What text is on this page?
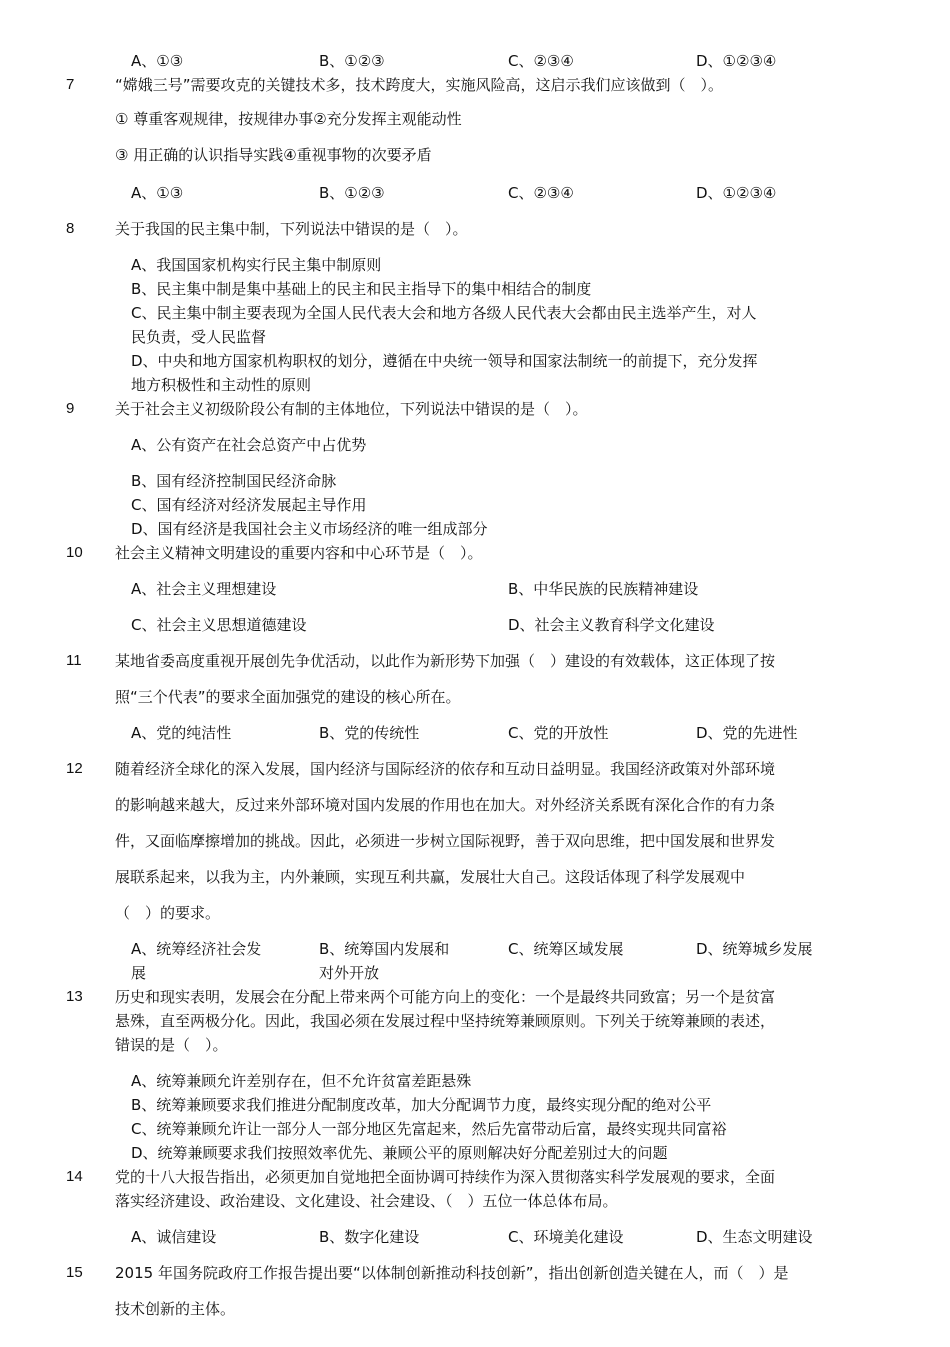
A、①③	B、①②③	C、②③④	D、①②③④
7	“嫦娥三号”需要攻克的关键技术多，技术跨度大，实施风险高，这启示我们应该做到（　）。
① 尊重客观规律，按规律办事②充分发挥主观能动性
③ 用正确的认识指导实践④重视事物的次要矛盾
A、①③	B、①②③	C、②③④	D、①②③④
8	关于我国的民主集中制，下列说法中错误的是（　）。
A、我国国家机构实行民主集中制原则
B、民主集中制是集中基础上的民主和民主指导下的集中相结合的制度
C、民主集中制主要表现为全国人民代表大会和地方各级人民代表大会都由民主选举产生，对人
民负责，受人民监督
D、中央和地方国家机构职权的划分，遵循在中央统一领导和国家法制统一的前提下，充分发挥
地方积极性和主动性的原则
9	关于社会主义初级阶段公有制的主体地位，下列说法中错误的是（　）。
A、公有资产在社会总资产中占优势
B、国有经济控制国民经济命脉
C、国有经济对经济发展起主导作用
D、国有经济是我国社会主义市场经济的唯一组成部分
10 社会主义精神文明建设的重要内容和中心环节是（　）。
A、社会主义理想建设	B、中华民族的民族精神建设
C、社会主义思想道德建设	D、社会主义教育科学文化建设
11 某地省委高度重视开展创先争优活动，以此作为新形势下加强（　）建设的有效载体，这正体现了按
照“三个代表”的要求全面加强党的建设的核心所在。
A、党的纯洁性	B、党的传统性	C、党的开放性	D、党的先进性
12 随着经济全球化的深入发展，国内经济与国际经济的依存和互动日益明显。我国经济政策对外部环境
的影响越来越大，反过来外部环境对国内发展的作用也在加大。对外经济关系既有深化合作的有力条
件，又面临摩擦增加的挑战。因此，必须进一步树立国际视野，善于双向思维，把中国发展和世界发
展联系起来，以我为主，内外兼顾，实现互利共赢，发展壮大自己。这段话体现了科学发展观中
（　）的要求。
A、统筹经济社会发
展
B、统筹国内发展和
对外开放
C、统筹区域发展	D、统筹城乡发展
13 历史和现实表明，发展会在分配上带来两个可能方向上的变化：一个是最终共同致富；另一个是贫富
悬殊，直至两极分化。因此，我国必须在发展过程中坚持统筹兼顾原则。下列关于统筹兼顾的表述，
错误的是（　）。
A、统筹兼顾允许差别存在，但不允许贫富差距悬殊
B、统筹兼顾要求我们推进分配制度改革，加大分配调节力度，最终实现分配的绝对公平
C、统筹兼顾允许让一部分人一部分地区先富起来，然后先富带动后富，最终实现共同富裕
D、统筹兼顾要求我们按照效率优先、兼顾公平的原则解决好分配差别过大的问题
14 党的十八大报告指出，必须更加自觉地把全面协调可持续作为深入贯彻落实科学发展观的要求，全面
落实经济建设、政治建设、文化建设、社会建设、（　）五位一体总体布局。
A、诚信建设	B、数字化建设	C、环境美化建设	D、生态文明建设
15 2015 年国务院政府工作报告提出要“以体制创新推动科技创新”，指出创新创造关键在人，而（　）是
技术创新的主体。
